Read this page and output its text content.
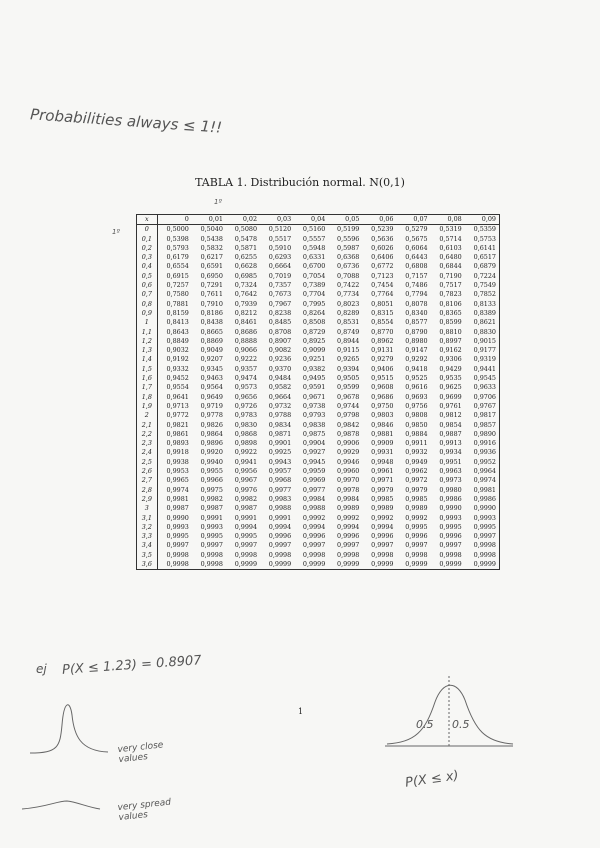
Probabilities always ≤ 1!!
1º
1º
TABLA 1. Distribución normal. N(0,1)
x	0	0,01	0,02	0,03	0,04	0,05	0,06	0,07	0,08	0,09
0	0,5000	0,5040	0,5080	0,5120	0,5160	0,5199	0,5239	0,5279	0,5319	0,5359
0,1	0,5398	0,5438	0,5478	0,5517	0,5557	0,5596	0,5636	0,5675	0,5714	0,5753
0,2	0,5793	0,5832	0,5871	0,5910	0,5948	0,5987	0,6026	0,6064	0,6103	0,6141
0,3	0,6179	0,6217	0,6255	0,6293	0,6331	0,6368	0,6406	0,6443	0,6480	0,6517
0,4	0,6554	0,6591	0,6628	0,6664	0,6700	0,6736	0,6772	0,6808	0,6844	0,6879
0,5	0,6915	0,6950	0,6985	0,7019	0,7054	0,7088	0,7123	0,7157	0,7190	0,7224
0,6	0,7257	0,7291	0,7324	0,7357	0,7389	0,7422	0,7454	0,7486	0,7517	0,7549
0,7	0,7580	0,7611	0,7642	0,7673	0,7704	0,7734	0,7764	0,7794	0,7823	0,7852
0,8	0,7881	0,7910	0,7939	0,7967	0,7995	0,8023	0,8051	0,8078	0,8106	0,8133
0,9	0,8159	0,8186	0,8212	0,8238	0,8264	0,8289	0,8315	0,8340	0,8365	0,8389
1	0,8413	0,8438	0,8461	0,8485	0,8508	0,8531	0,8554	0,8577	0,8599	0,8621
1,1	0,8643	0,8665	0,8686	0,8708	0,8729	0,8749	0,8770	0,8790	0,8810	0,8830
1,2	0,8849	0,8869	0,8888	0,8907	0,8925	0,8944	0,8962	0,8980	0,8997	0,9015
1,3	0,9032	0,9049	0,9066	0,9082	0,9099	0,9115	0,9131	0,9147	0,9162	0,9177
1,4	0,9192	0,9207	0,9222	0,9236	0,9251	0,9265	0,9279	0,9292	0,9306	0,9319
1,5	0,9332	0,9345	0,9357	0,9370	0,9382	0,9394	0,9406	0,9418	0,9429	0,9441
1,6	0,9452	0,9463	0,9474	0,9484	0,9495	0,9505	0,9515	0,9525	0,9535	0,9545
1,7	0,9554	0,9564	0,9573	0,9582	0,9591	0,9599	0,9608	0,9616	0,9625	0,9633
1,8	0,9641	0,9649	0,9656	0,9664	0,9671	0,9678	0,9686	0,9693	0,9699	0,9706
1,9	0,9713	0,9719	0,9726	0,9732	0,9738	0,9744	0,9750	0,9756	0,9761	0,9767
2	0,9772	0,9778	0,9783	0,9788	0,9793	0,9798	0,9803	0,9808	0,9812	0,9817
2,1	0,9821	0,9826	0,9830	0,9834	0,9838	0,9842	0,9846	0,9850	0,9854	0,9857
2,2	0,9861	0,9864	0,9868	0,9871	0,9875	0,9878	0,9881	0,9884	0,9887	0,9890
2,3	0,9893	0,9896	0,9898	0,9901	0,9904	0,9906	0,9909	0,9911	0,9913	0,9916
2,4	0,9918	0,9920	0,9922	0,9925	0,9927	0,9929	0,9931	0,9932	0,9934	0,9936
2,5	0,9938	0,9940	0,9941	0,9943	0,9945	0,9946	0,9948	0,9949	0,9951	0,9952
2,6	0,9953	0,9955	0,9956	0,9957	0,9959	0,9960	0,9961	0,9962	0,9963	0,9964
2,7	0,9965	0,9966	0,9967	0,9968	0,9969	0,9970	0,9971	0,9972	0,9973	0,9974
2,8	0,9974	0,9975	0,9976	0,9977	0,9977	0,9978	0,9979	0,9979	0,9980	0,9981
2,9	0,9981	0,9982	0,9982	0,9983	0,9984	0,9984	0,9985	0,9985	0,9986	0,9986
3	0,9987	0,9987	0,9987	0,9988	0,9988	0,9989	0,9989	0,9989	0,9990	0,9990
3,1	0,9990	0,9991	0,9991	0,9991	0,9992	0,9992	0,9992	0,9992	0,9993	0,9993
3,2	0,9993	0,9993	0,9994	0,9994	0,9994	0,9994	0,9994	0,9995	0,9995	0,9995
3,3	0,9995	0,9995	0,9995	0,9996	0,9996	0,9996	0,9996	0,9996	0,9996	0,9997
3,4	0,9997	0,9997	0,9997	0,9997	0,9997	0,9997	0,9997	0,9997	0,9997	0,9998
3,5	0,9998	0,9998	0,9998	0,9998	0,9998	0,9998	0,9998	0,9998	0,9998	0,9998
3,6	0,9998	0,9998	0,9999	0,9999	0,9999	0,9999	0,9999	0,9999	0,9999	0,9999
1
ej P(X ≤ 1.23) = 0.8907
very close values
very spread values
0.5 0.5
P(X ≤ x)
